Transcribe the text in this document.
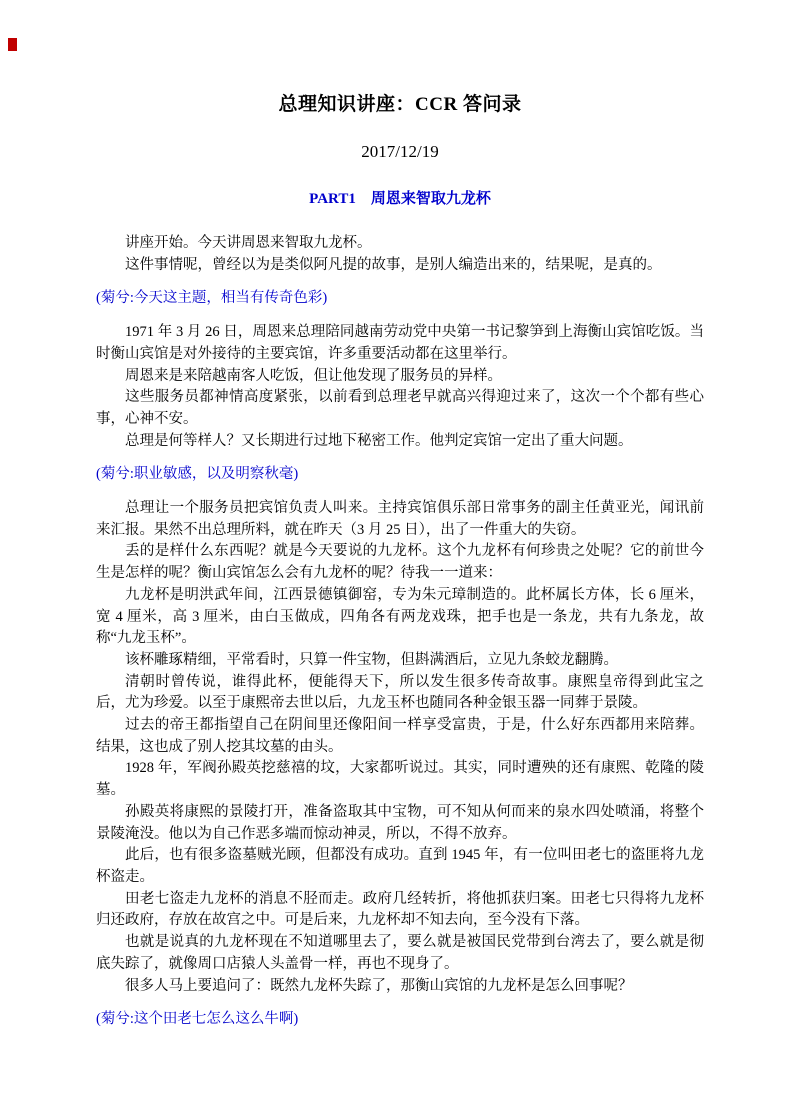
总理知识讲座：CCR 答问录
2017/12/19
PART1　周恩来智取九龙杯

讲座开始。今天讲周恩来智取九龙杯。

这件事情呢，曾经以为是类似阿凡提的故事，是别人编造出来的，结果呢，是真的。

(菊兮:今天这主题，相当有传奇色彩)

1971 年 3 月 26 日，周恩来总理陪同越南劳动党中央第一书记黎笋到上海衡山宾馆吃饭。当时衡山宾馆是对外接待的主要宾馆，许多重要活动都在这里举行。

周恩来是来陪越南客人吃饭，但让他发现了服务员的异样。

这些服务员都神情高度紧张，以前看到总理老早就高兴得迎过来了，这次一个个都有些心事，心神不安。

总理是何等样人？又长期进行过地下秘密工作。他判定宾馆一定出了重大问题。

(菊兮:职业敏感，以及明察秋毫)

总理让一个服务员把宾馆负责人叫来。主持宾馆俱乐部日常事务的副主任黄亚光，闻讯前来汇报。果然不出总理所料，就在昨天（3 月 25 日），出了一件重大的失窃。

丢的是样什么东西呢？就是今天要说的九龙杯。这个九龙杯有何珍贵之处呢？它的前世今生是怎样的呢？衡山宾馆怎么会有九龙杯的呢？待我一一道来：

九龙杯是明洪武年间，江西景德镇御窑，专为朱元璋制造的。此杯属长方体，长 6 厘米，宽 4 厘米，高 3 厘米，由白玉做成，四角各有两龙戏珠，把手也是一条龙，共有九条龙，故称“九龙玉杯”。

该杯雕琢精细，平常看时，只算一件宝物，但斟满酒后，立见九条蛟龙翻腾。

清朝时曾传说，谁得此杯，便能得天下，所以发生很多传奇故事。康熙皇帝得到此宝之后，尤为珍爱。以至于康熙帝去世以后，九龙玉杯也随同各种金银玉器一同葬于景陵。

过去的帝王都指望自己在阴间里还像阳间一样享受富贵，于是，什么好东西都用来陪葬。结果，这也成了别人挖其坟墓的由头。

1928 年，军阀孙殿英挖慈禧的坟，大家都听说过。其实，同时遭殃的还有康熙、乾隆的陵墓。

孙殿英将康熙的景陵打开，准备盗取其中宝物，可不知从何而来的泉水四处喷涌，将整个景陵淹没。他以为自己作恶多端而惊动神灵，所以，不得不放弃。

此后，也有很多盗墓贼光顾，但都没有成功。直到 1945 年，有一位叫田老七的盗匪将九龙杯盗走。

田老七盗走九龙杯的消息不胫而走。政府几经转折，将他抓获归案。田老七只得将九龙杯归还政府，存放在故宫之中。可是后来，九龙杯却不知去向，至今没有下落。

也就是说真的九龙杯现在不知道哪里去了，要么就是被国民党带到台湾去了，要么就是彻底失踪了，就像周口店猿人头盖骨一样，再也不现身了。

很多人马上要追问了：既然九龙杯失踪了，那衡山宾馆的九龙杯是怎么回事呢？

(菊兮:这个田老七怎么这么牛啊)
